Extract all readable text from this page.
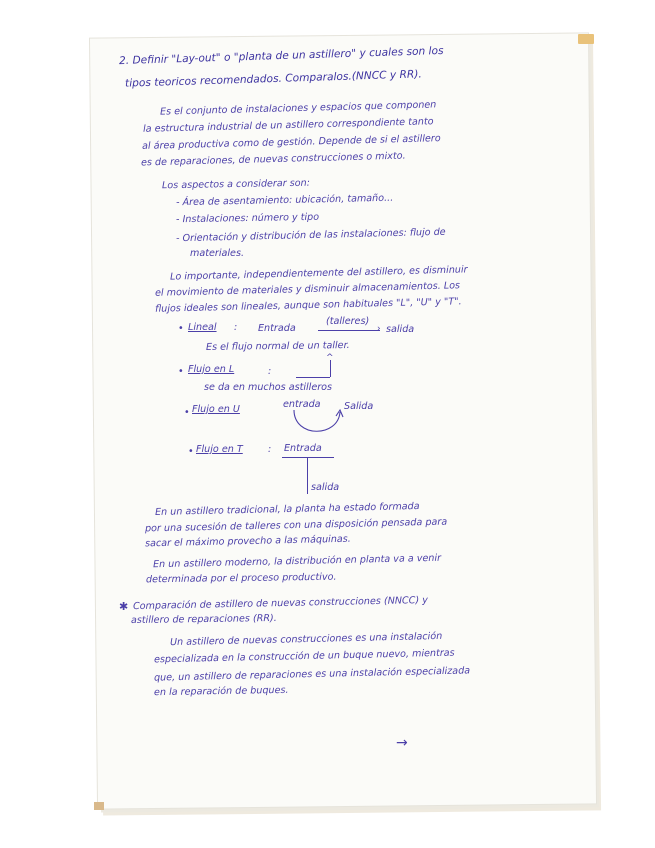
2. Definir "Lay-out" o "planta de un astillero" y cuales son los
tipos teoricos recomendados. Comparalos.(NNCC y RR).
Es el conjunto de instalaciones y espacios que componen
la estructura industrial de un astillero correspondiente tanto
al área productiva como de gestión. Depende de si el astillero
es de reparaciones, de nuevas construcciones o mixto.
Los aspectos a considerar son:
- Área de asentamiento: ubicación, tamaño...
- Instalaciones: número y tipo
- Orientación y distribución de las instalaciones: flujo de
materiales.
Lo importante, independientemente del astillero, es disminuir
el movimiento de materiales y disminuir almacenamientos. Los
flujos ideales son lineales, aunque son habituales "L", "U" y "T".
• Lineal : Entrada
(talleres)
› salida
Es el flujo normal de un taller.
• Flujo en L	:
^
se da en muchos astilleros
• Flujo en U	entrada Salida
• Flujo en T	: Entrada
salida
En un astillero tradicional, la planta ha estado formada
por una sucesión de talleres con una disposición pensada para
sacar el máximo provecho a las máquinas.
En un astillero moderno, la distribución en planta va a venir
determinada por el proceso productivo.
✱ Comparación de astillero de nuevas construcciones (NNCC) y
astillero de reparaciones (RR).
Un astillero de nuevas construcciones es una instalación
especializada en la construcción de un buque nuevo, mientras
que, un astillero de reparaciones es una instalación especializada
en la reparación de buques.
→
